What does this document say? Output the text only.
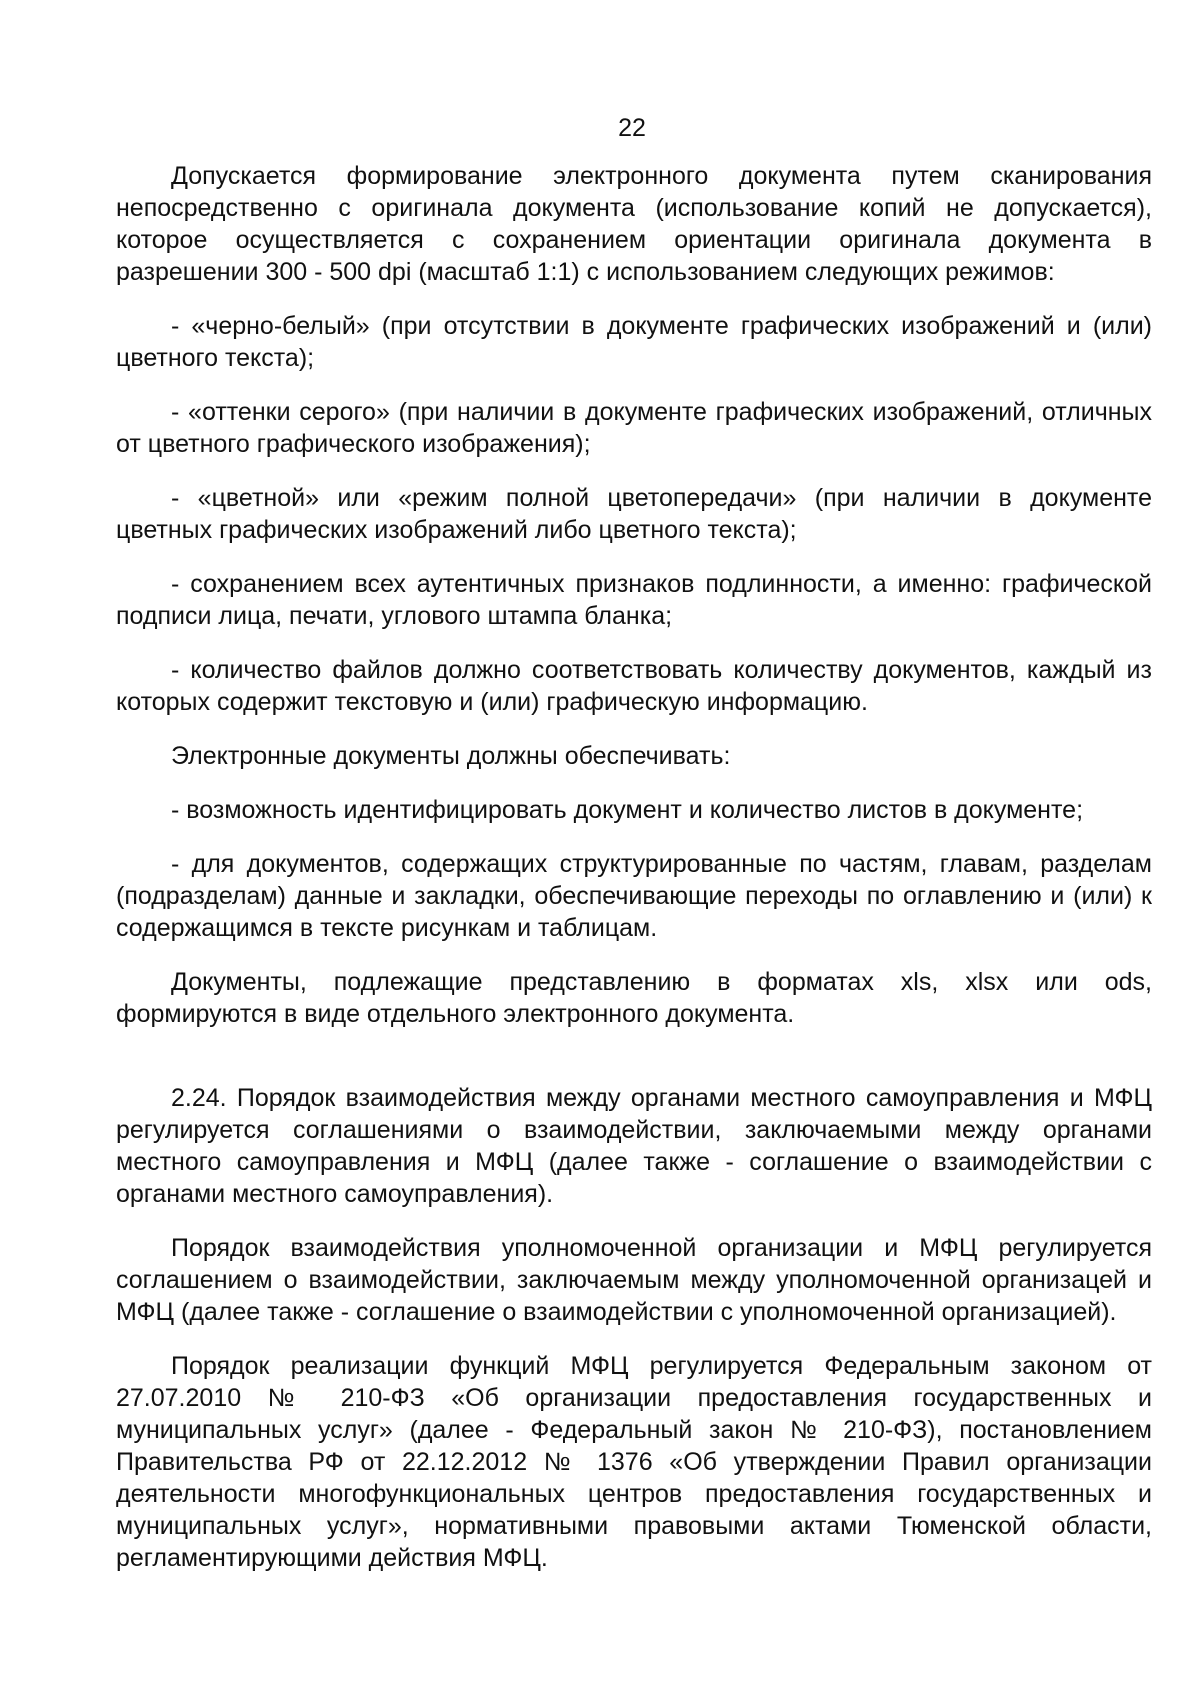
22

Допускается формирование электронного документа путем сканирования непосредственно с оригинала документа (использование копий не допускается), которое осуществляется с сохранением ориентации оригинала документа в разрешении 300 - 500 dpi (масштаб 1:1) с использованием следующих режимов:

- «черно-белый» (при отсутствии в документе графических изображений и (или) цветного текста);

- «оттенки серого» (при наличии в документе графических изображений, отличных от цветного графического изображения);

- «цветной» или «режим полной цветопередачи» (при наличии в документе цветных графических изображений либо цветного текста);

- сохранением всех аутентичных признаков подлинности, а именно: графической подписи лица, печати, углового штампа бланка;

- количество файлов должно соответствовать количеству документов, каждый из которых содержит текстовую и (или) графическую информацию.

Электронные документы должны обеспечивать:

- возможность идентифицировать документ и количество листов в документе;

- для документов, содержащих структурированные по частям, главам, разделам (подразделам) данные и закладки, обеспечивающие переходы по оглавлению и (или) к содержащимся в тексте рисункам и таблицам.

Документы, подлежащие представлению в форматах xls, xlsx или ods, формируются в виде отдельного электронного документа.

2.24. Порядок взаимодействия между органами местного самоуправления и МФЦ регулируется соглашениями о взаимодействии, заключаемыми между органами местного самоуправления и МФЦ (далее также - соглашение о взаимодействии с органами местного самоуправления).

Порядок взаимодействия уполномоченной организации и МФЦ регулируется соглашением о взаимодействии, заключаемым между уполномоченной организацей и МФЦ (далее также - соглашение о взаимодействии с уполномоченной организацией).

Порядок реализации функций МФЦ регулируется Федеральным законом от 27.07.2010 № 210-ФЗ «Об организации предоставления государственных и муниципальных услуг» (далее - Федеральный закон № 210-ФЗ), постановлением Правительства РФ от 22.12.2012 № 1376 «Об утверждении Правил организации деятельности многофункциональных центров предоставления государственных и муниципальных услуг», нормативными правовыми актами Тюменской области, регламентирующими действия МФЦ.
